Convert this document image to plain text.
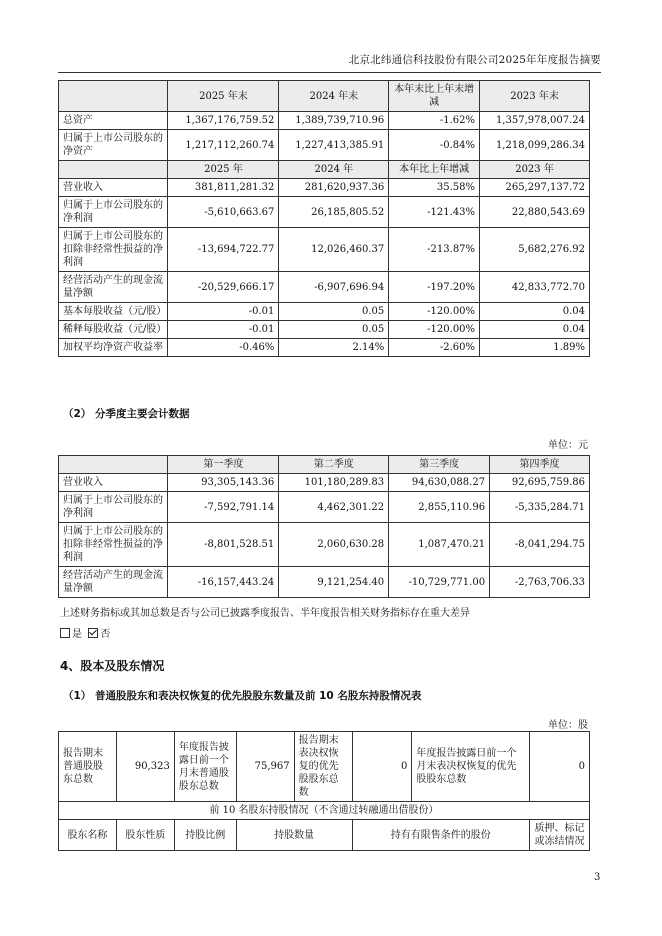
北京北纬通信科技股份有限公司2025年年度报告摘要
	2025 年末	2024 年末	本年末比上年末增减	2023 年末
总资产	1,367,176,759.52	1,389,739,710.96	-1.62%	1,357,978,007.24
归属于上市公司股东的净资产	1,217,112,260.74	1,227,413,385.91	-0.84%	1,218,099,286.34
	2025 年	2024 年	本年比上年增减	2023 年
营业收入	381,811,281.32	281,620,937.36	35.58%	265,297,137.72
归属于上市公司股东的净利润	-5,610,663.67	26,185,805.52	-121.43%	22,880,543.69
归属于上市公司股东的扣除非经常性损益的净利润	-13,694,722.77	12,026,460.37	-213.87%	5,682,276.92
经营活动产生的现金流量净额	-20,529,666.17	-6,907,696.94	-197.20%	42,833,772.70
基本每股收益（元/股）	-0.01	0.05	-120.00%	0.04
稀释每股收益（元/股）	-0.01	0.05	-120.00%	0.04
加权平均净资产收益率	-0.46%	2.14%	-2.60%	1.89%
（2） 分季度主要会计数据
单位：元
	第一季度	第二季度	第三季度	第四季度
营业收入	93,305,143.36	101,180,289.83	94,630,088.27	92,695,759.86
归属于上市公司股东的净利润	-7,592,791.14	4,462,301.22	2,855,110.96	-5,335,284.71
归属于上市公司股东的扣除非经常性损益的净利润	-8,801,528.51	2,060,630.28	1,087,470.21	-8,041,294.75
经营活动产生的现金流量净额	-16,157,443.24	9,121,254.40	-10,729,771.00	-2,763,706.33
上述财务指标或其加总数是否与公司已披露季度报告、半年度报告相关财务指标存在重大差异
是 否
4、股本及股东情况
（1） 普通股股东和表决权恢复的优先股股东数量及前 10 名股东持股情况表
单位：股
报告期末普通股股东总数	90,323	年度报告披露日前一个月末普通股股东总数	75,967	报告期末表决权恢复的优先股股东总数	0	年度报告披露日前一个月末表决权恢复的优先股股东总数	0
前 10 名股东持股情况（不含通过转融通出借股份）							
股东名称	股东性质	持股比例	持股数量		持有有限售条件的股份		质押、标记或冻结情况
3
